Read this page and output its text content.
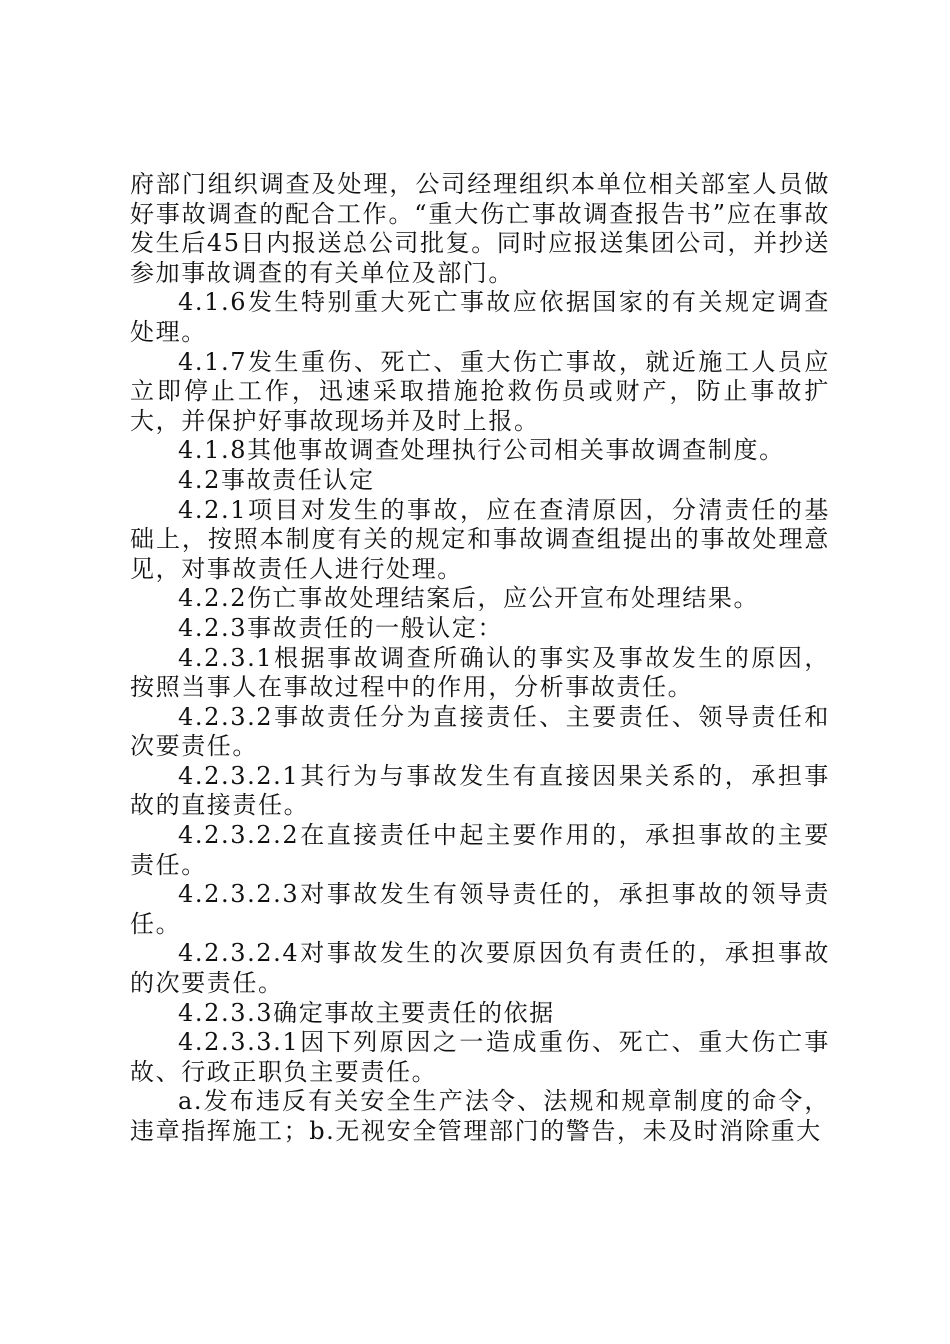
府部门组织调查及处理，公司经理组织本单位相关部室人员做好事故调查的配合工作。“重大伤亡事故调查报告书”应在事故发生后45日内报送总公司批复。同时应报送集团公司，并抄送参加事故调查的有关单位及部门。

4.1.6发生特别重大死亡事故应依据国家的有关规定调查处理。

4.1.7发生重伤、死亡、重大伤亡事故，就近施工人员应立即停止工作，迅速采取措施抢救伤员或财产，防止事故扩大，并保护好事故现场并及时上报。

4.1.8其他事故调查处理执行公司相关事故调查制度。

4.2事故责任认定

4.2.1项目对发生的事故，应在查清原因，分清责任的基础上，按照本制度有关的规定和事故调查组提出的事故处理意见，对事故责任人进行处理。

4.2.2伤亡事故处理结案后，应公开宣布处理结果。

4.2.3事故责任的一般认定：

4.2.3.1根据事故调查所确认的事实及事故发生的原因，按照当事人在事故过程中的作用，分析事故责任。

4.2.3.2事故责任分为直接责任、主要责任、领导责任和次要责任。

4.2.3.2.1其行为与事故发生有直接因果关系的，承担事故的直接责任。

4.2.3.2.2在直接责任中起主要作用的，承担事故的主要责任。

4.2.3.2.3对事故发生有领导责任的，承担事故的领导责任。

4.2.3.2.4对事故发生的次要原因负有责任的，承担事故的次要责任。

4.2.3.3确定事故主要责任的依据

4.2.3.3.1因下列原因之一造成重伤、死亡、重大伤亡事故、行政正职负主要责任。

a.发布违反有关安全生产法令、法规和规章制度的命令，违章指挥施工；b.无视安全管理部门的警告，未及时消除重大
